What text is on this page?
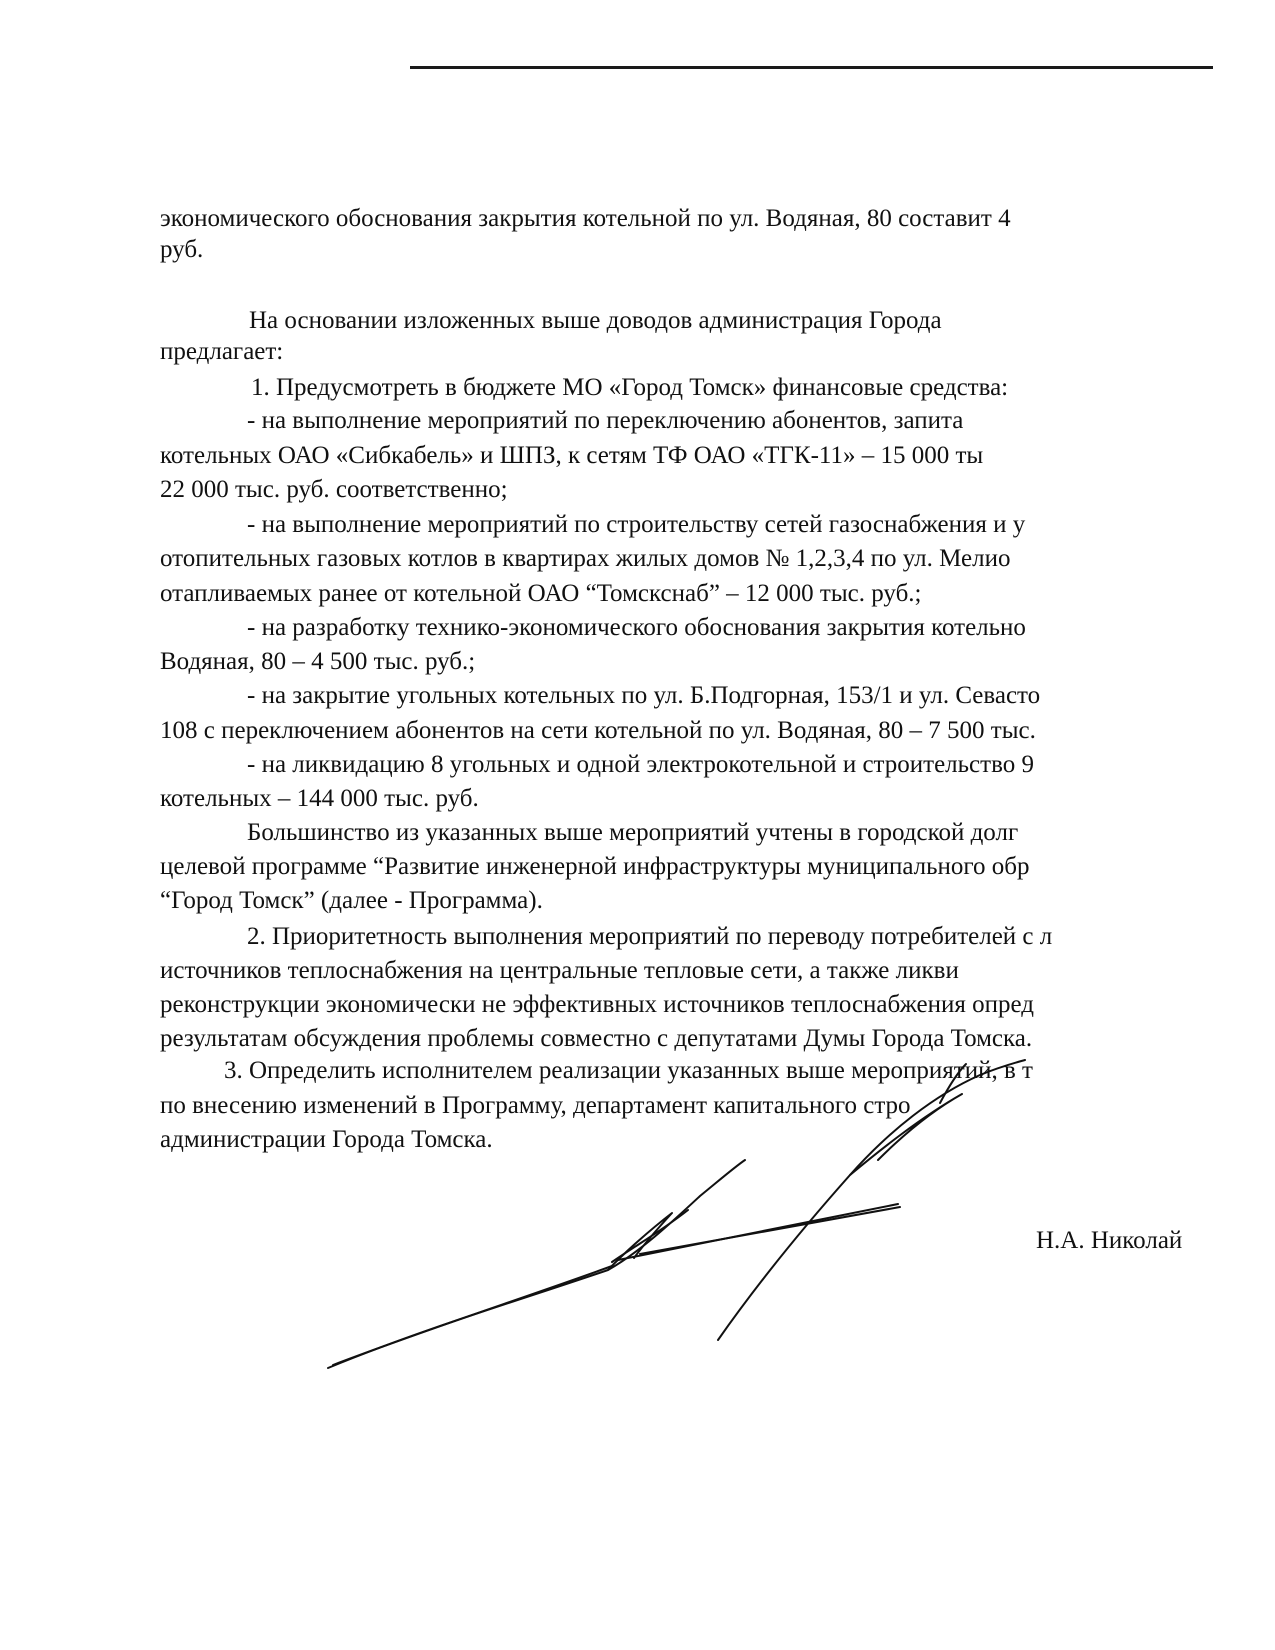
экономического обоснования закрытия котельной по ул. Водяная, 80 составит 4
руб.
На основании изложенных выше доводов администрация Города
предлагает:
1. Предусмотреть в бюджете МО «Город Томск» финансовые средства:
- на выполнение мероприятий по переключению абонентов, запита
котельных ОАО «Сибкабель» и ШПЗ, к сетям ТФ ОАО «ТГК-11» – 15 000 ты
22 000 тыс. руб. соответственно;
- на выполнение мероприятий по строительству сетей газоснабжения и у
отопительных газовых котлов в квартирах жилых домов № 1,2,3,4 по ул. Мелио
отапливаемых ранее от котельной ОАО “Томскснаб” – 12 000 тыс. руб.;
- на разработку технико-экономического обоснования закрытия котельно
Водяная, 80 – 4 500 тыс. руб.;
- на закрытие угольных котельных по ул. Б.Подгорная, 153/1 и ул. Севасто
108 с переключением абонентов на сети котельной по ул. Водяная, 80 – 7 500 тыс.
- на ликвидацию 8 угольных и одной электрокотельной и строительство 9
котельных – 144 000 тыс. руб.
Большинство из указанных выше мероприятий учтены в городской долг
целевой программе “Развитие инженерной инфраструктуры муниципального обр
“Город Томск” (далее - Программа).
2. Приоритетность выполнения мероприятий по переводу потребителей с л
источников теплоснабжения на центральные тепловые сети, а также ликви
реконструкции экономически не эффективных источников теплоснабжения опред
результатам обсуждения проблемы совместно с депутатами Думы Города Томска.
3. Определить исполнителем реализации указанных выше мероприятий, в т
по внесению изменений в Программу, департамент капитального стро
администрации Города Томска.
Н.А. Николай
